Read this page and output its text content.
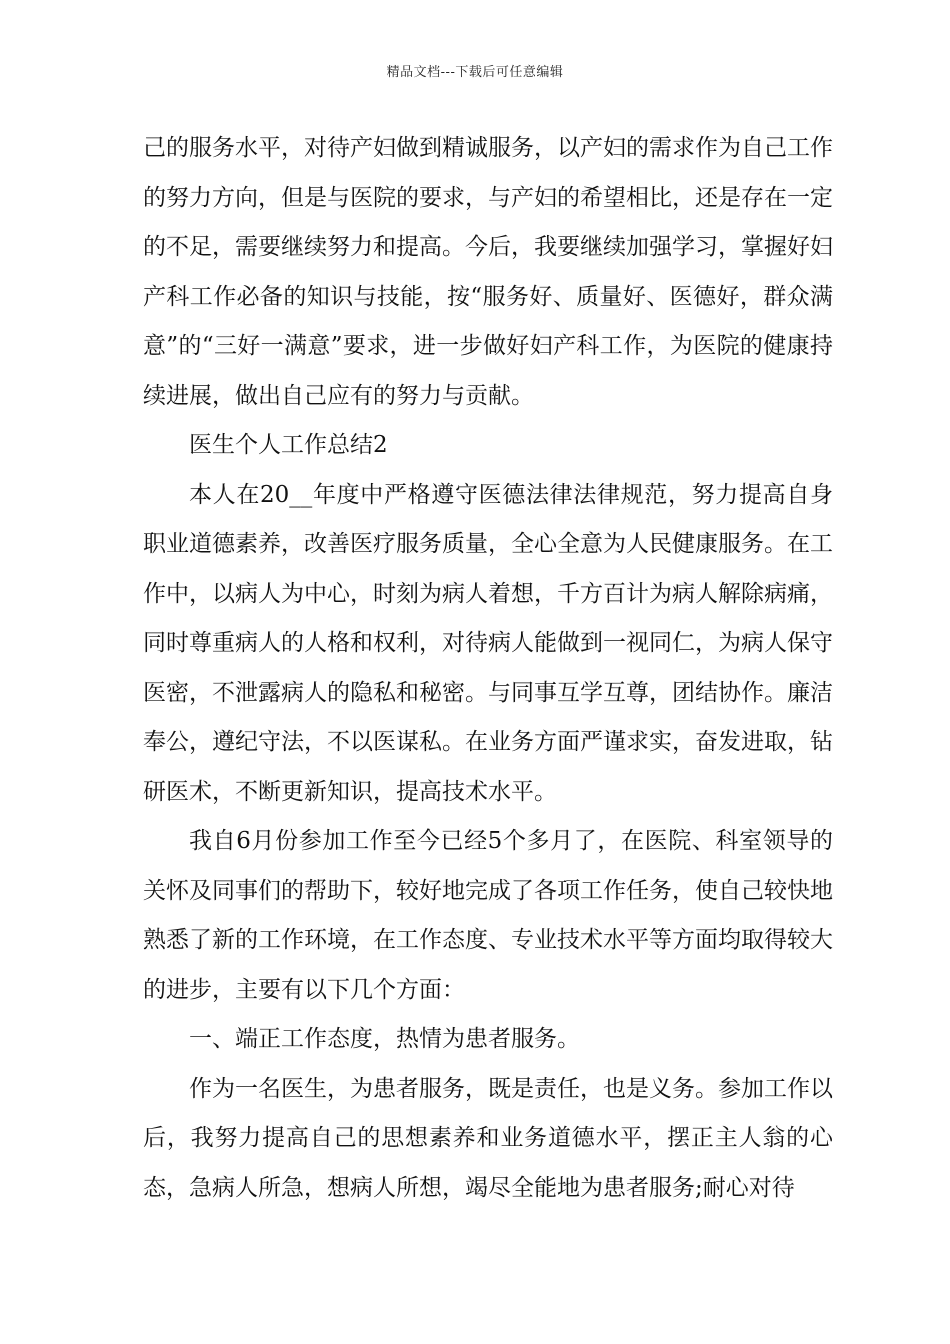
精品文档---下载后可任意编辑

己的服务水平，对待产妇做到精诚服务，以产妇的需求作为自己工作的努力方向，但是与医院的要求，与产妇的希望相比，还是存在一定的不足，需要继续努力和提高。今后，我要继续加强学习，掌握好妇产科工作必备的知识与技能，按“服务好、质量好、医德好，群众满意”的“三好一满意”要求，进一步做好妇产科工作，为医院的健康持续进展，做出自己应有的努力与贡献。

医生个人工作总结2

本人在20__年度中严格遵守医德法律法律规范，努力提高自身职业道德素养，改善医疗服务质量，全心全意为人民健康服务。在工作中，以病人为中心，时刻为病人着想，千方百计为病人解除病痛，同时尊重病人的人格和权利，对待病人能做到一视同仁，为病人保守医密，不泄露病人的隐私和秘密。与同事互学互尊，团结协作。廉洁奉公，遵纪守法，不以医谋私。在业务方面严谨求实，奋发进取，钻研医术，不断更新知识，提高技术水平。

我自6月份参加工作至今已经5个多月了，在医院、科室领导的关怀及同事们的帮助下，较好地完成了各项工作任务，使自己较快地熟悉了新的工作环境，在工作态度、专业技术水平等方面均取得较大的进步，主要有以下几个方面：

一、端正工作态度，热情为患者服务。

作为一名医生，为患者服务，既是责任，也是义务。参加工作以后，我努力提高自己的思想素养和业务道德水平，摆正主人翁的心态，急病人所急，想病人所想，竭尽全能地为患者服务;耐心对待
